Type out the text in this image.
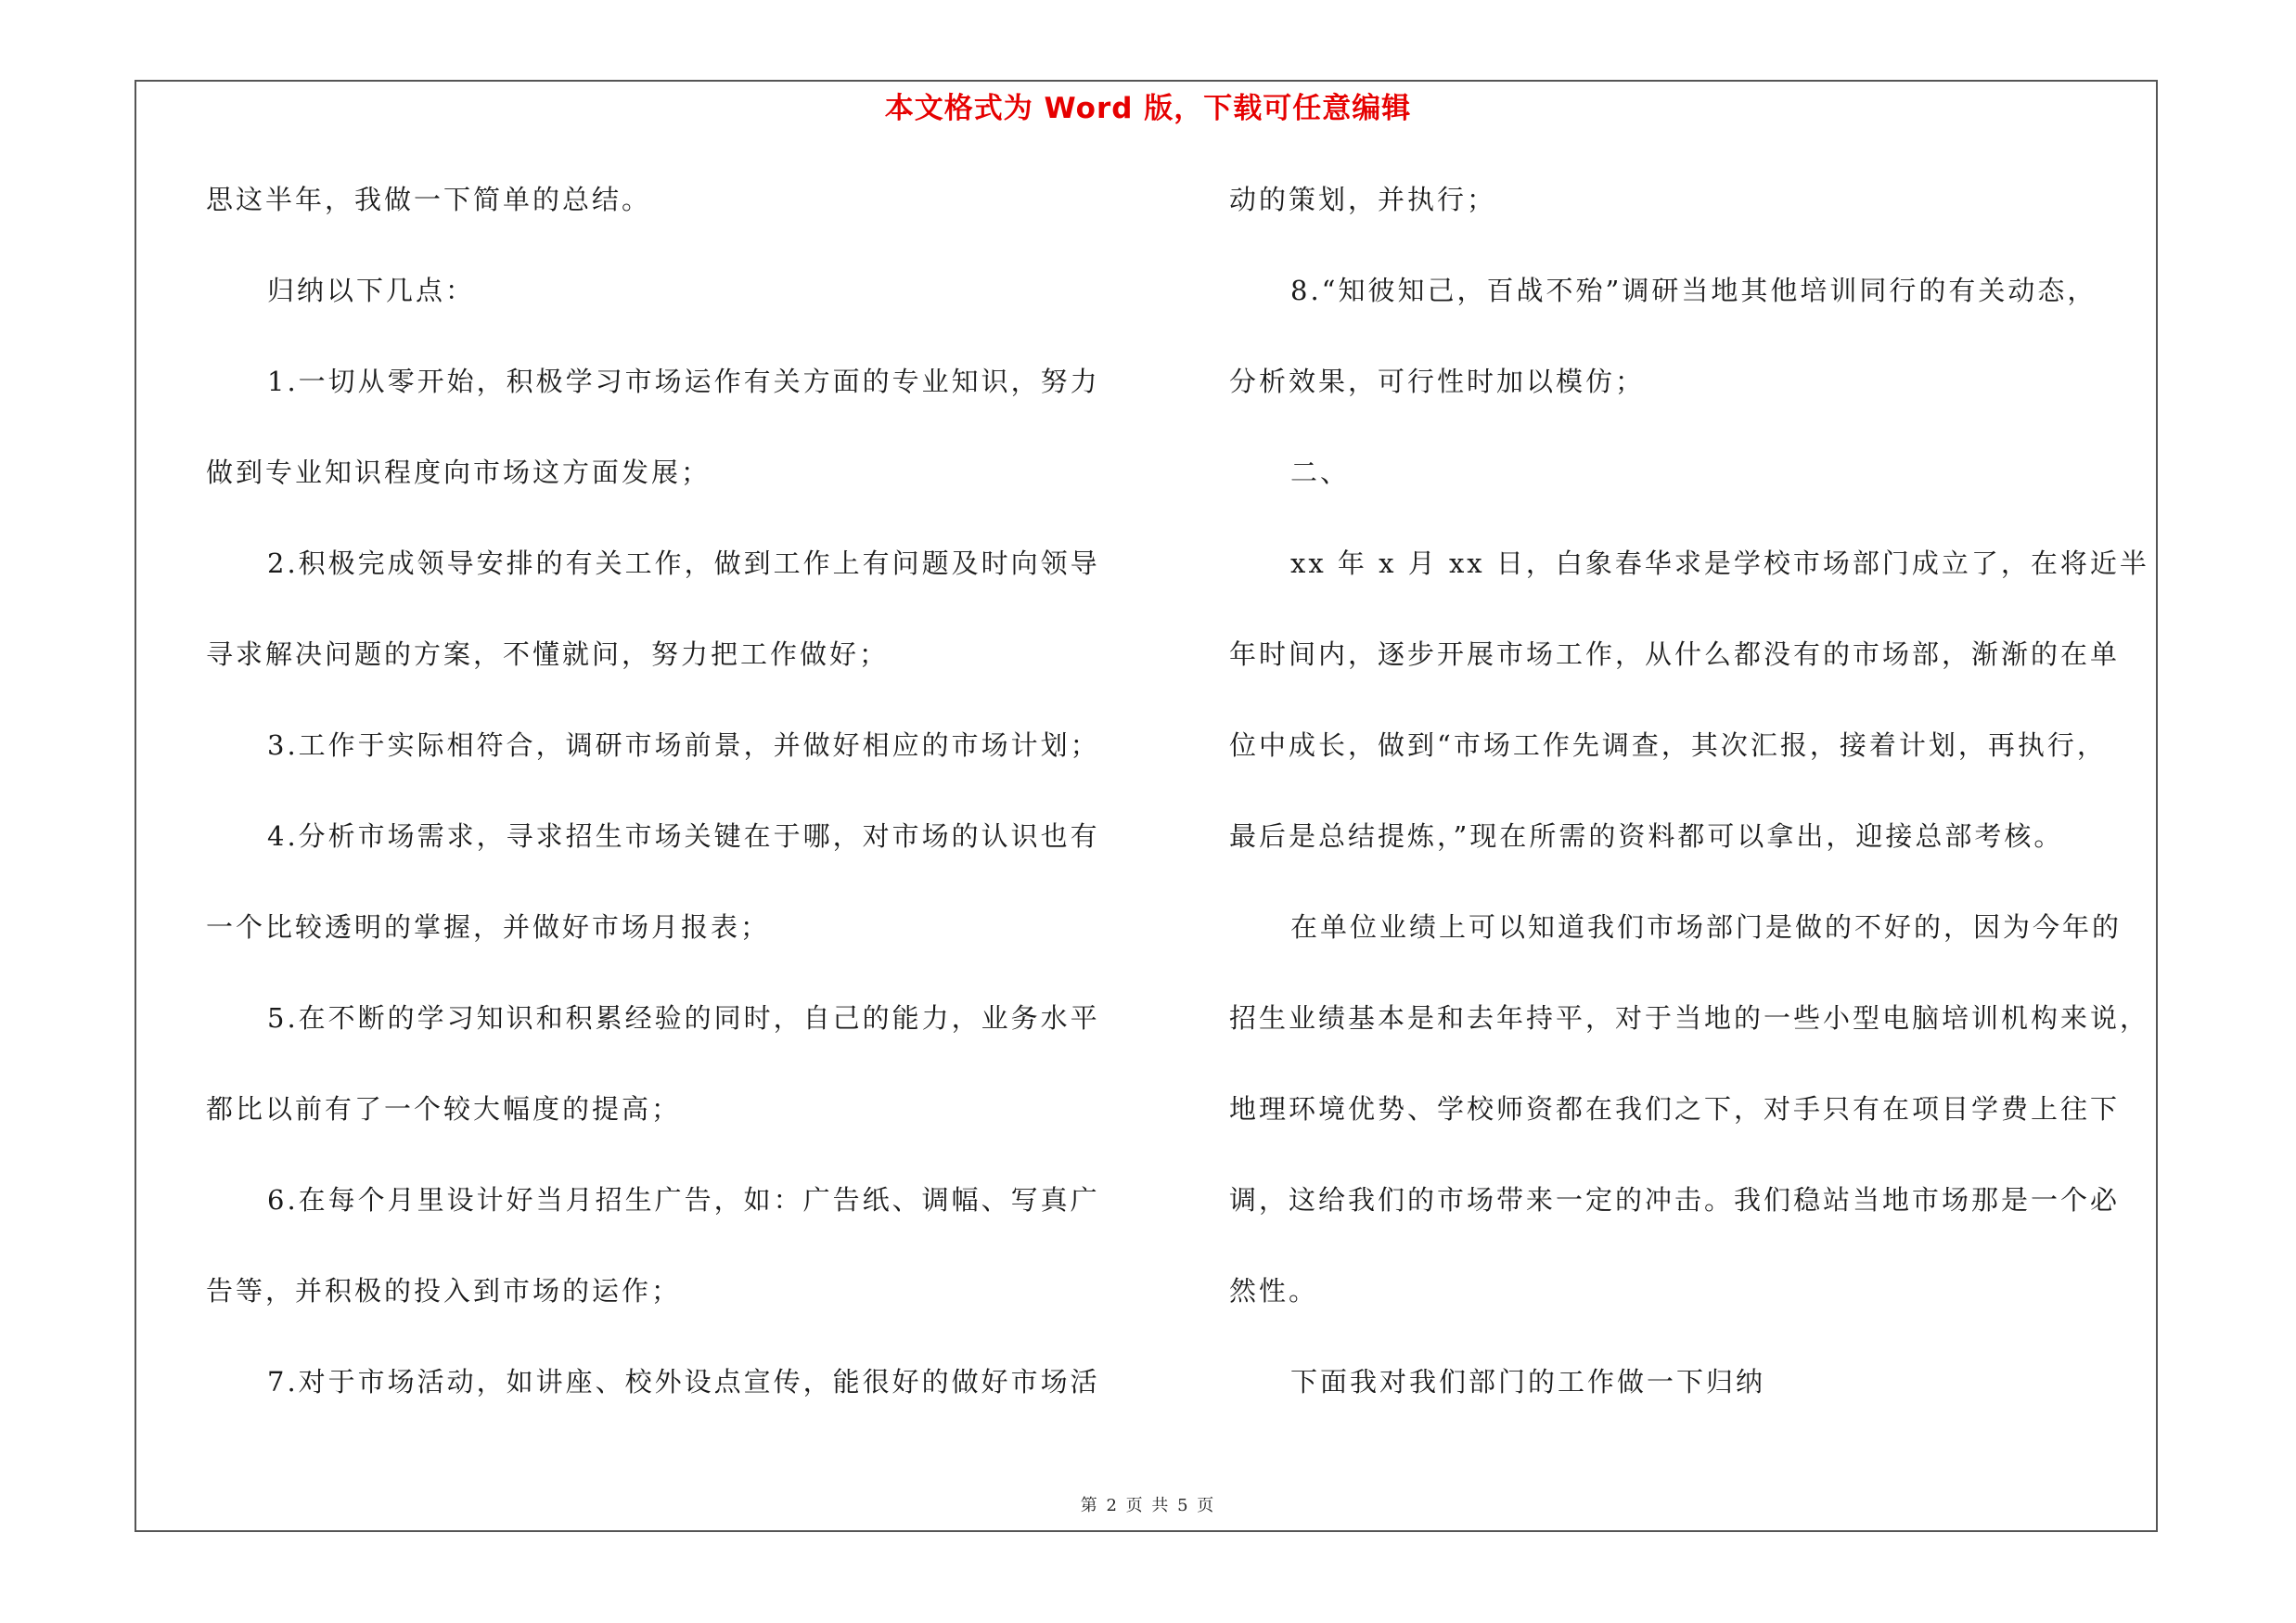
本文格式为 Word 版，下载可任意编辑
思这半年，我做一下简单的总结。
归纳以下几点：
1.一切从零开始，积极学习市场运作有关方面的专业知识，努力
做到专业知识程度向市场这方面发展；
2.积极完成领导安排的有关工作，做到工作上有问题及时向领导
寻求解决问题的方案，不懂就问，努力把工作做好；
3.工作于实际相符合，调研市场前景，并做好相应的市场计划；
4.分析市场需求，寻求招生市场关键在于哪，对市场的认识也有
一个比较透明的掌握，并做好市场月报表；
5.在不断的学习知识和积累经验的同时，自己的能力，业务水平
都比以前有了一个较大幅度的提高；
6.在每个月里设计好当月招生广告，如：广告纸、调幅、写真广
告等，并积极的投入到市场的运作；
7.对于市场活动，如讲座、校外设点宣传，能很好的做好市场活
动的策划，并执行；
8.“知彼知己，百战不殆”调研当地其他培训同行的有关动态，
分析效果，可行性时加以模仿；
二、
xx 年 x 月 xx 日，白象春华求是学校市场部门成立了，在将近半
年时间内，逐步开展市场工作，从什么都没有的市场部，渐渐的在单
位中成长，做到“市场工作先调查，其次汇报，接着计划，再执行，
最后是总结提炼，”现在所需的资料都可以拿出，迎接总部考核。
在单位业绩上可以知道我们市场部门是做的不好的，因为今年的
招生业绩基本是和去年持平，对于当地的一些小型电脑培训机构来说，
地理环境优势、学校师资都在我们之下，对手只有在项目学费上往下
调，这给我们的市场带来一定的冲击。我们稳站当地市场那是一个必
然性。
下面我对我们部门的工作做一下归纳
第 2 页 共 5 页
